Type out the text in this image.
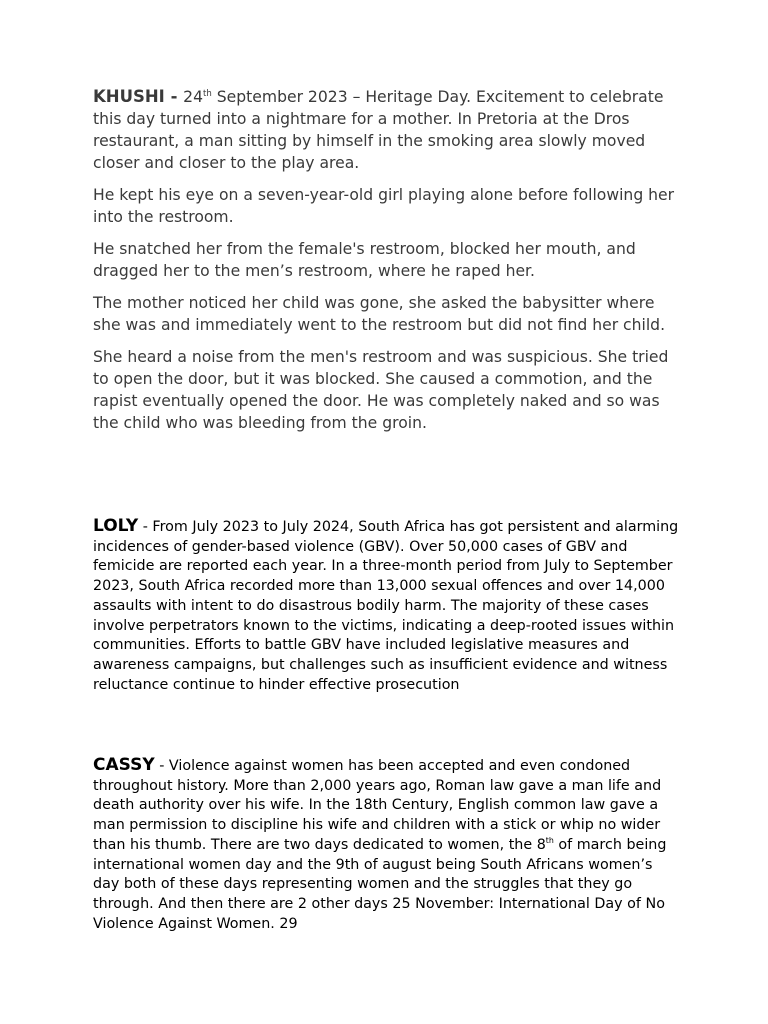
KHUSHI - 24th September 2023 – Heritage Day. Excitement to celebrate this day turned into a nightmare for a mother. In Pretoria at the Dros restaurant, a man sitting by himself in the smoking area slowly moved closer and closer to the play area.

He kept his eye on a seven-year-old girl playing alone before following her into the restroom.

He snatched her from the female's restroom, blocked her mouth, and dragged her to the men’s restroom, where he raped her.

The mother noticed her child was gone, she asked the babysitter where she was and immediately went to the restroom but did not find her child.

She heard a noise from the men's restroom and was suspicious. She tried to open the door, but it was blocked. She caused a commotion, and the rapist eventually opened the door. He was completely naked and so was the child who was bleeding from the groin.

LOLY - From July 2023 to July 2024, South Africa has got persistent and alarming incidences of gender-based violence (GBV). Over 50,000 cases of GBV and femicide are reported each year. In a three-month period from July to September 2023, South Africa recorded more than 13,000 sexual offences and over 14,000 assaults with intent to do disastrous bodily harm. The majority of these cases involve perpetrators known to the victims, indicating a deep-rooted issues within communities. Efforts to battle GBV have included legislative measures and awareness campaigns, but challenges such as insufficient evidence and witness reluctance continue to hinder effective prosecution

CASSY - Violence against women has been accepted and even condoned throughout history. More than 2,000 years ago, Roman law gave a man life and death authority over his wife. In the 18th Century, English common law gave a man permission to discipline his wife and children with a stick or whip no wider than his thumb. There are two days dedicated to women, the 8th of march being international women day and the 9th of august being South Africans women’s day both of these days representing women and the struggles that they go through. And then there are 2 other days 25 November: International Day of No Violence Against Women. 29
